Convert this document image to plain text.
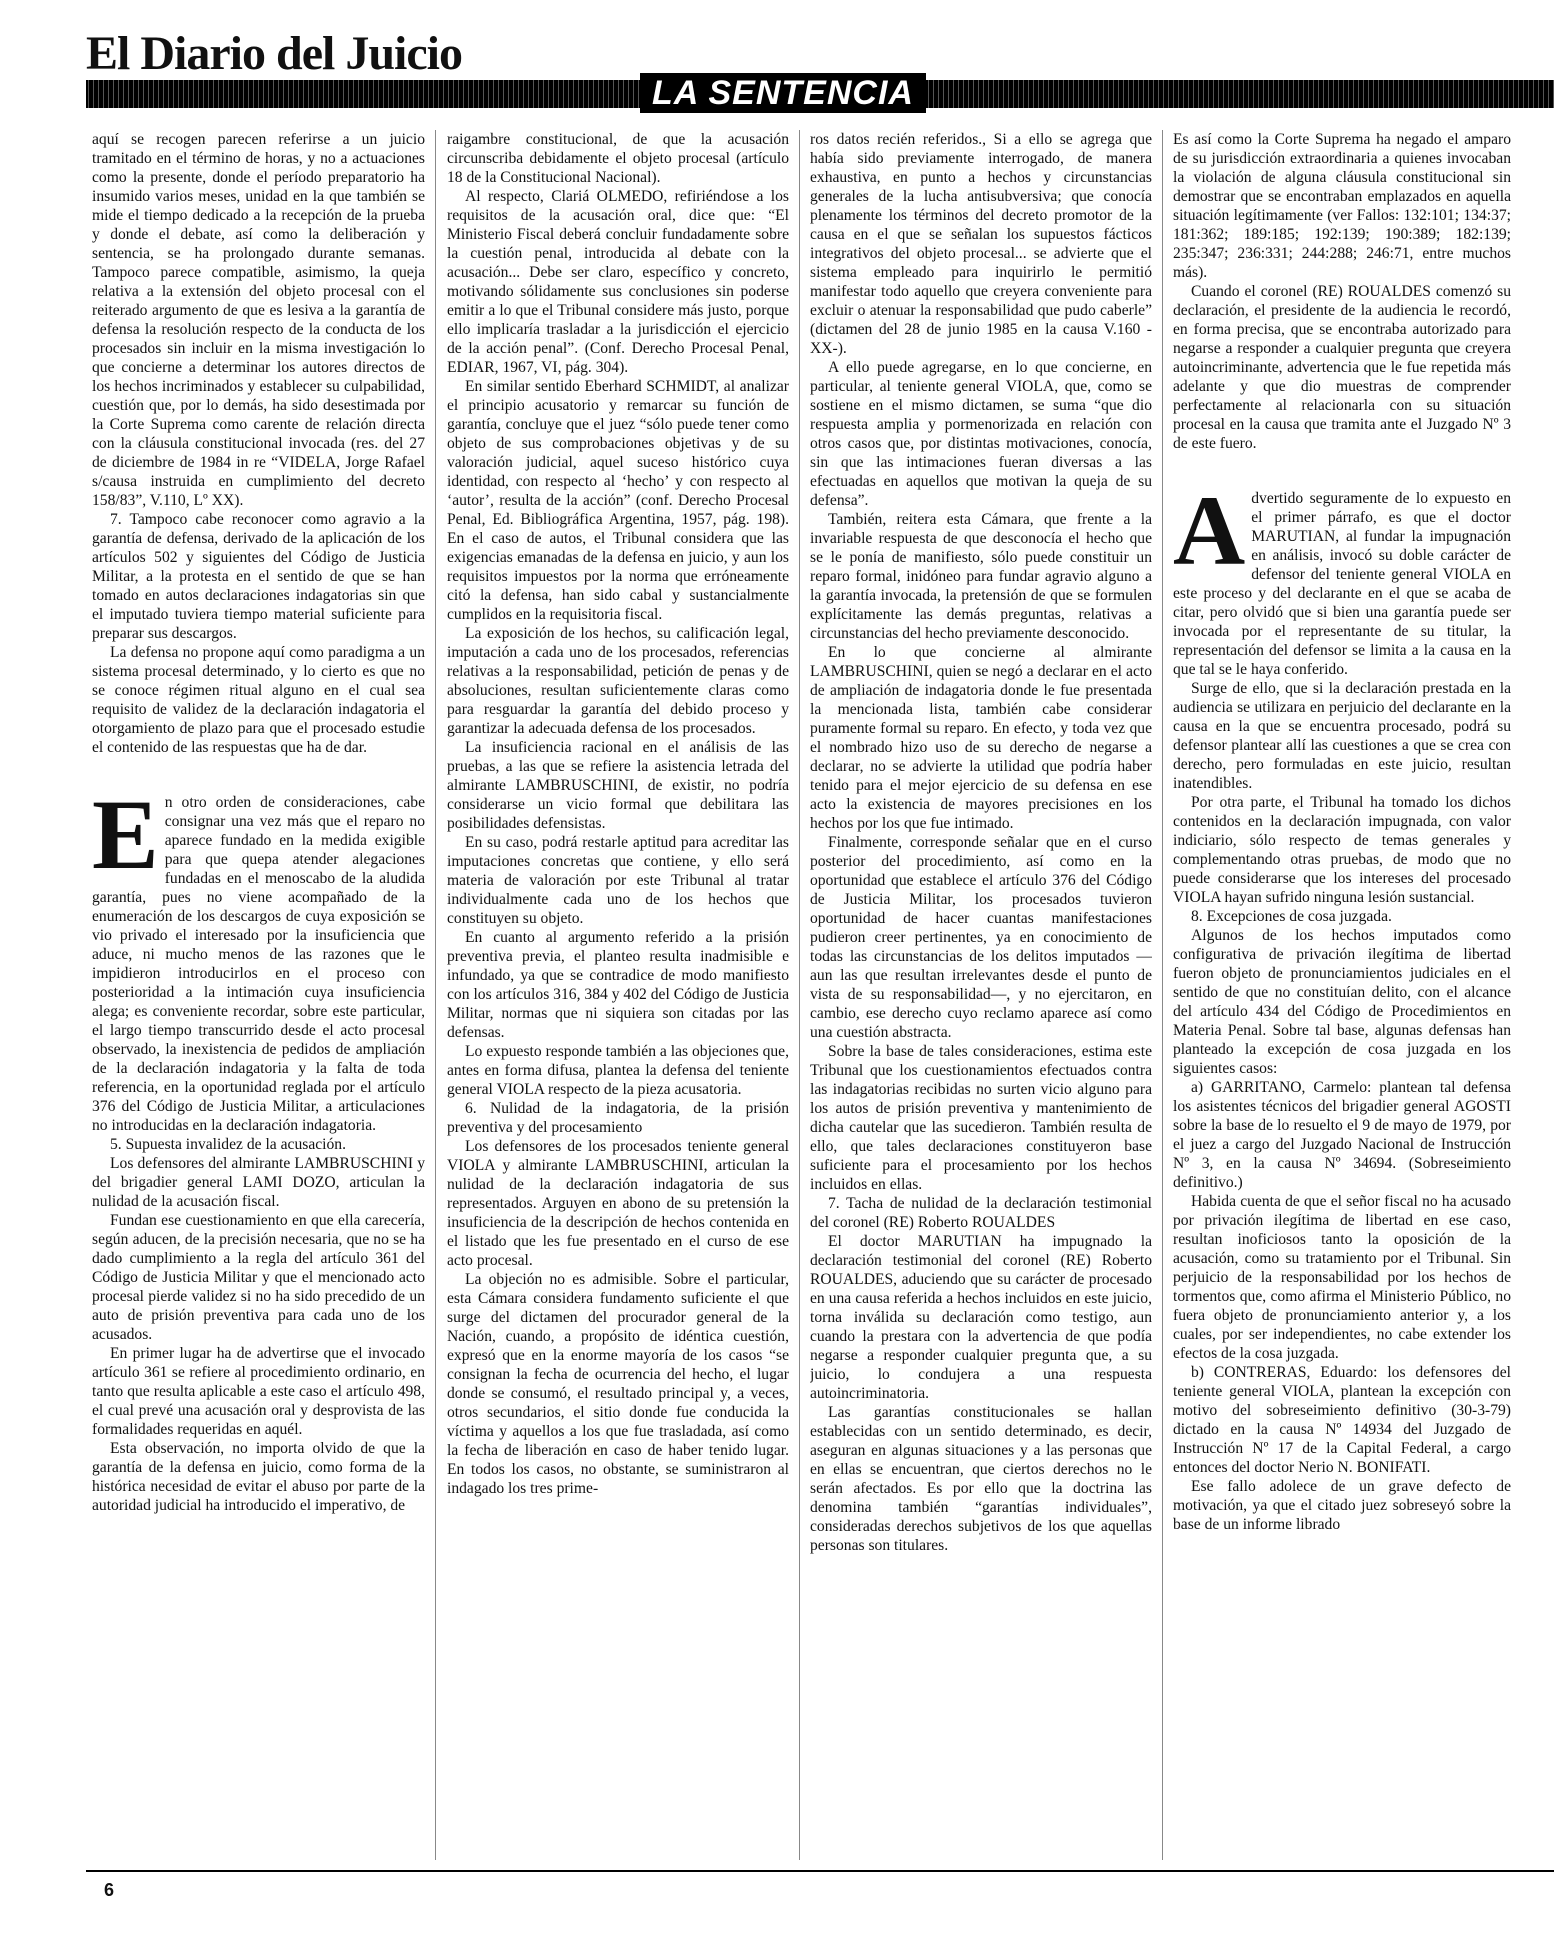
El Diario del Juicio
LA SENTENCIA

aquí se recogen parecen referirse a un juicio tramitado en el término de horas, y no a actuaciones como la presente, donde el período preparatorio ha insumido varios meses, unidad en la que también se mide el tiempo dedicado a la recepción de la prueba y donde el debate, así como la deliberación y sentencia, se ha prolongado durante semanas. Tampoco parece compatible, asimismo, la queja relativa a la extensión del objeto procesal con el reiterado argumento de que es lesiva a la garantía de defensa la resolución respecto de la conducta de los procesados sin incluir en la misma investigación lo que concierne a determinar los autores directos de los hechos incriminados y establecer su culpabilidad, cuestión que, por lo demás, ha sido desestimada por la Corte Suprema como carente de relación directa con la cláusula constitucional invocada (res. del 27 de diciembre de 1984 in re “VIDELA, Jorge Rafael s/causa instruida en cumplimiento del decreto 158/83”, V.110, Lº XX).

7. Tampoco cabe reconocer como agravio a la garantía de defensa, derivado de la aplicación de los artículos 502 y siguientes del Código de Justicia Militar, a la protesta en el sentido de que se han tomado en autos declaraciones indagatorias sin que el imputado tuviera tiempo material suficiente para preparar sus descargos.

La defensa no propone aquí como paradigma a un sistema procesal determinado, y lo cierto es que no se conoce régimen ritual alguno en el cual sea requisito de validez de la declaración indagatoria el otorgamiento de plazo para que el procesado estudie el contenido de las respuestas que ha de dar.

En otro orden de consideraciones, cabe consignar una vez más que el reparo no aparece fundado en la medida exigible para que quepa atender alegaciones fundadas en el menoscabo de la aludida garantía, pues no viene acompañado de la enumeración de los descargos de cuya exposición se vio privado el interesado por la insuficiencia que aduce, ni mucho menos de las razones que le impidieron introducirlos en el proceso con posterioridad a la intimación cuya insuficiencia alega; es conveniente recordar, sobre este particular, el largo tiempo transcurrido desde el acto procesal observado, la inexistencia de pedidos de ampliación de la declaración indagatoria y la falta de toda referencia, en la oportunidad reglada por el artículo 376 del Código de Justicia Militar, a articulaciones no introducidas en la declaración indagatoria.

5. Supuesta invalidez de la acusación.

Los defensores del almirante LAMBRUSCHINI y del brigadier general LAMI DOZO, articulan la nulidad de la acusación fiscal.

Fundan ese cuestionamiento en que ella carecería, según aducen, de la precisión necesaria, que no se ha dado cumplimiento a la regla del artículo 361 del Código de Justicia Militar y que el mencionado acto procesal pierde validez si no ha sido precedido de un auto de prisión preventiva para cada uno de los acusados.

En primer lugar ha de advertirse que el invocado artículo 361 se refiere al procedimiento ordinario, en tanto que resulta aplicable a este caso el artículo 498, el cual prevé una acusación oral y desprovista de las formalidades requeridas en aquél.

Esta observación, no importa olvido de que la garantía de la defensa en juicio, como forma de la histórica necesidad de evitar el abuso por parte de la autoridad judicial ha introducido el imperativo, de

raigambre constitucional, de que la acusación circunscriba debidamente el objeto procesal (artículo 18 de la Constitucional Nacional).

Al respecto, Clariá OLMEDO, refiriéndose a los requisitos de la acusación oral, dice que: “El Ministerio Fiscal deberá concluir fundadamente sobre la cuestión penal, introducida al debate con la acusación... Debe ser claro, específico y concreto, motivando sólidamente sus conclusiones sin poderse emitir a lo que el Tribunal considere más justo, porque ello implicaría trasladar a la jurisdicción el ejercicio de la acción penal”. (Conf. Derecho Procesal Penal, EDIAR, 1967, VI, pág. 304).

En similar sentido Eberhard SCHMIDT, al analizar el principio acusatorio y remarcar su función de garantía, concluye que el juez “sólo puede tener como objeto de sus comprobaciones objetivas y de su valoración judicial, aquel suceso histórico cuya identidad, con respecto al ‘hecho’ y con respecto al ‘autor’, resulta de la acción” (conf. Derecho Procesal Penal, Ed. Bibliográfica Argentina, 1957, pág. 198). En el caso de autos, el Tribunal considera que las exigencias emanadas de la defensa en juicio, y aun los requisitos impuestos por la norma que erróneamente citó la defensa, han sido cabal y sustancialmente cumplidos en la requisitoria fiscal.

La exposición de los hechos, su calificación legal, imputación a cada uno de los procesados, referencias relativas a la responsabilidad, petición de penas y de absoluciones, resultan suficientemente claras como para resguardar la garantía del debido proceso y garantizar la adecuada defensa de los procesados.

La insuficiencia racional en el análisis de las pruebas, a las que se refiere la asistencia letrada del almirante LAMBRUSCHINI, de existir, no podría considerarse un vicio formal que debilitara las posibilidades defensistas.

En su caso, podrá restarle aptitud para acreditar las imputaciones concretas que contiene, y ello será materia de valoración por este Tribunal al tratar individualmente cada uno de los hechos que constituyen su objeto.

En cuanto al argumento referido a la prisión preventiva previa, el planteo resulta inadmisible e infundado, ya que se contradice de modo manifiesto con los artículos 316, 384 y 402 del Código de Justicia Militar, normas que ni siquiera son citadas por las defensas.

Lo expuesto responde también a las objeciones que, antes en forma difusa, plantea la defensa del teniente general VIOLA respecto de la pieza acusatoria.

6. Nulidad de la indagatoria, de la prisión preventiva y del procesamiento

Los defensores de los procesados teniente general VIOLA y almirante LAMBRUSCHINI, articulan la nulidad de la declaración indagatoria de sus representados. Arguyen en abono de su pretensión la insuficiencia de la descripción de hechos contenida en el listado que les fue presentado en el curso de ese acto procesal.

La objeción no es admisible. Sobre el particular, esta Cámara considera fundamento suficiente el que surge del dictamen del procurador general de la Nación, cuando, a propósito de idéntica cuestión, expresó que en la enorme mayoría de los casos “se consignan la fecha de ocurrencia del hecho, el lugar donde se consumó, el resultado principal y, a veces, otros secundarios, el sitio donde fue conducida la víctima y aquellos a los que fue trasladada, así como la fecha de liberación en caso de haber tenido lugar. En todos los casos, no obstante, se suministraron al indagado los tres prime-

ros datos recién referidos., Si a ello se agrega que había sido previamente interrogado, de manera exhaustiva, en punto a hechos y circunstancias generales de la lucha antisubversiva; que conocía plenamente los términos del decreto promotor de la causa en el que se señalan los supuestos fácticos integrativos del objeto procesal... se advierte que el sistema empleado para inquirirlo le permitió manifestar todo aquello que creyera conveniente para excluir o atenuar la responsabilidad que pudo caberle” (dictamen del 28 de junio 1985 en la causa V.160 -XX-).

A ello puede agregarse, en lo que concierne, en particular, al teniente general VIOLA, que, como se sostiene en el mismo dictamen, se suma “que dio respuesta amplia y pormenorizada en relación con otros casos que, por distintas motivaciones, conocía, sin que las intimaciones fueran diversas a las efectuadas en aquellos que motivan la queja de su defensa”.

También, reitera esta Cámara, que frente a la invariable respuesta de que desconocía el hecho que se le ponía de manifiesto, sólo puede constituir un reparo formal, inidóneo para fundar agravio alguno a la garantía invocada, la pretensión de que se formulen explícitamente las demás preguntas, relativas a circunstancias del hecho previamente desconocido.

En lo que concierne al almirante LAMBRUSCHINI, quien se negó a declarar en el acto de ampliación de indagatoria donde le fue presentada la mencionada lista, también cabe considerar puramente formal su reparo. En efecto, y toda vez que el nombrado hizo uso de su derecho de negarse a declarar, no se advierte la utilidad que podría haber tenido para el mejor ejercicio de su defensa en ese acto la existencia de mayores precisiones en los hechos por los que fue intimado.

Finalmente, corresponde señalar que en el curso posterior del procedimiento, así como en la oportunidad que establece el artículo 376 del Código de Justicia Militar, los procesados tuvieron oportunidad de hacer cuantas manifestaciones pudieron creer pertinentes, ya en conocimiento de todas las circunstancias de los delitos imputados —aun las que resultan irrelevantes desde el punto de vista de su responsabilidad—, y no ejercitaron, en cambio, ese derecho cuyo reclamo aparece así como una cuestión abstracta.

Sobre la base de tales consideraciones, estima este Tribunal que los cuestionamientos efectuados contra las indagatorias recibidas no surten vicio alguno para los autos de prisión preventiva y mantenimiento de dicha cautelar que las sucedieron. También resulta de ello, que tales declaraciones constituyeron base suficiente para el procesamiento por los hechos incluidos en ellas.

7. Tacha de nulidad de la declaración testimonial del coronel (RE) Roberto ROUALDES

El doctor MARUTIAN ha impugnado la declaración testimonial del coronel (RE) Roberto ROUALDES, aduciendo que su carácter de procesado en una causa referida a hechos incluidos en este juicio, torna inválida su declaración como testigo, aun cuando la prestara con la advertencia de que podía negarse a responder cualquier pregunta que, a su juicio, lo condujera a una respuesta autoincriminatoria.

Las garantías constitucionales se hallan establecidas con un sentido determinado, es decir, aseguran en algunas situaciones y a las personas que en ellas se encuentran, que ciertos derechos no le serán afectados. Es por ello que la doctrina las denomina también “garantías individuales”, consideradas derechos subjetivos de los que aquellas personas son titulares.

Es así como la Corte Suprema ha negado el amparo de su jurisdicción extraordinaria a quienes invocaban la violación de alguna cláusula constitucional sin demostrar que se encontraban emplazados en aquella situación legítimamente (ver Fallos: 132:101; 134:37; 181:362; 189:185; 192:139; 190:389; 182:139; 235:347; 236:331; 244:288; 246:71, entre muchos más).

Cuando el coronel (RE) ROUALDES comenzó su declaración, el presidente de la audiencia le recordó, en forma precisa, que se encontraba autorizado para negarse a responder a cualquier pregunta que creyera autoincriminante, advertencia que le fue repetida más adelante y que dio muestras de comprender perfectamente al relacionarla con su situación procesal en la causa que tramita ante el Juzgado Nº 3 de este fuero.

Advertido seguramente de lo expuesto en el primer párrafo, es que el doctor MARUTIAN, al fundar la impugnación en análisis, invocó su doble carácter de defensor del teniente general VIOLA en este proceso y del declarante en el que se acaba de citar, pero olvidó que si bien una garantía puede ser invocada por el representante de su titular, la representación del defensor se limita a la causa en la que tal se le haya conferido.

Surge de ello, que si la declaración prestada en la audiencia se utilizara en perjuicio del declarante en la causa en la que se encuentra procesado, podrá su defensor plantear allí las cuestiones a que se crea con derecho, pero formuladas en este juicio, resultan inatendibles.

Por otra parte, el Tribunal ha tomado los dichos contenidos en la declaración impugnada, con valor indiciario, sólo respecto de temas generales y complementando otras pruebas, de modo que no puede considerarse que los intereses del procesado VIOLA hayan sufrido ninguna lesión sustancial.

8. Excepciones de cosa juzgada.

Algunos de los hechos imputados como configurativa de privación ilegítima de libertad fueron objeto de pronunciamientos judiciales en el sentido de que no constituían delito, con el alcance del artículo 434 del Código de Procedimientos en Materia Penal. Sobre tal base, algunas defensas han planteado la excepción de cosa juzgada en los siguientes casos:

a) GARRITANO, Carmelo: plantean tal defensa los asistentes técnicos del brigadier general AGOSTI sobre la base de lo resuelto el 9 de mayo de 1979, por el juez a cargo del Juzgado Nacional de Instrucción Nº 3, en la causa Nº 34694. (Sobreseimiento definitivo.)

Habida cuenta de que el señor fiscal no ha acusado por privación ilegítima de libertad en ese caso, resultan inoficiosos tanto la oposición de la acusación, como su tratamiento por el Tribunal. Sin perjuicio de la responsabilidad por los hechos de tormentos que, como afirma el Ministerio Público, no fuera objeto de pronunciamiento anterior y, a los cuales, por ser independientes, no cabe extender los efectos de la cosa juzgada.

b) CONTRERAS, Eduardo: los defensores del teniente general VIOLA, plantean la excepción con motivo del sobreseimiento definitivo (30-3-79) dictado en la causa Nº 14934 del Juzgado de Instrucción Nº 17 de la Capital Federal, a cargo entonces del doctor Nerio N. BONIFATI.

Ese fallo adolece de un grave defecto de motivación, ya que el citado juez sobreseyó sobre la base de un informe librado

6
